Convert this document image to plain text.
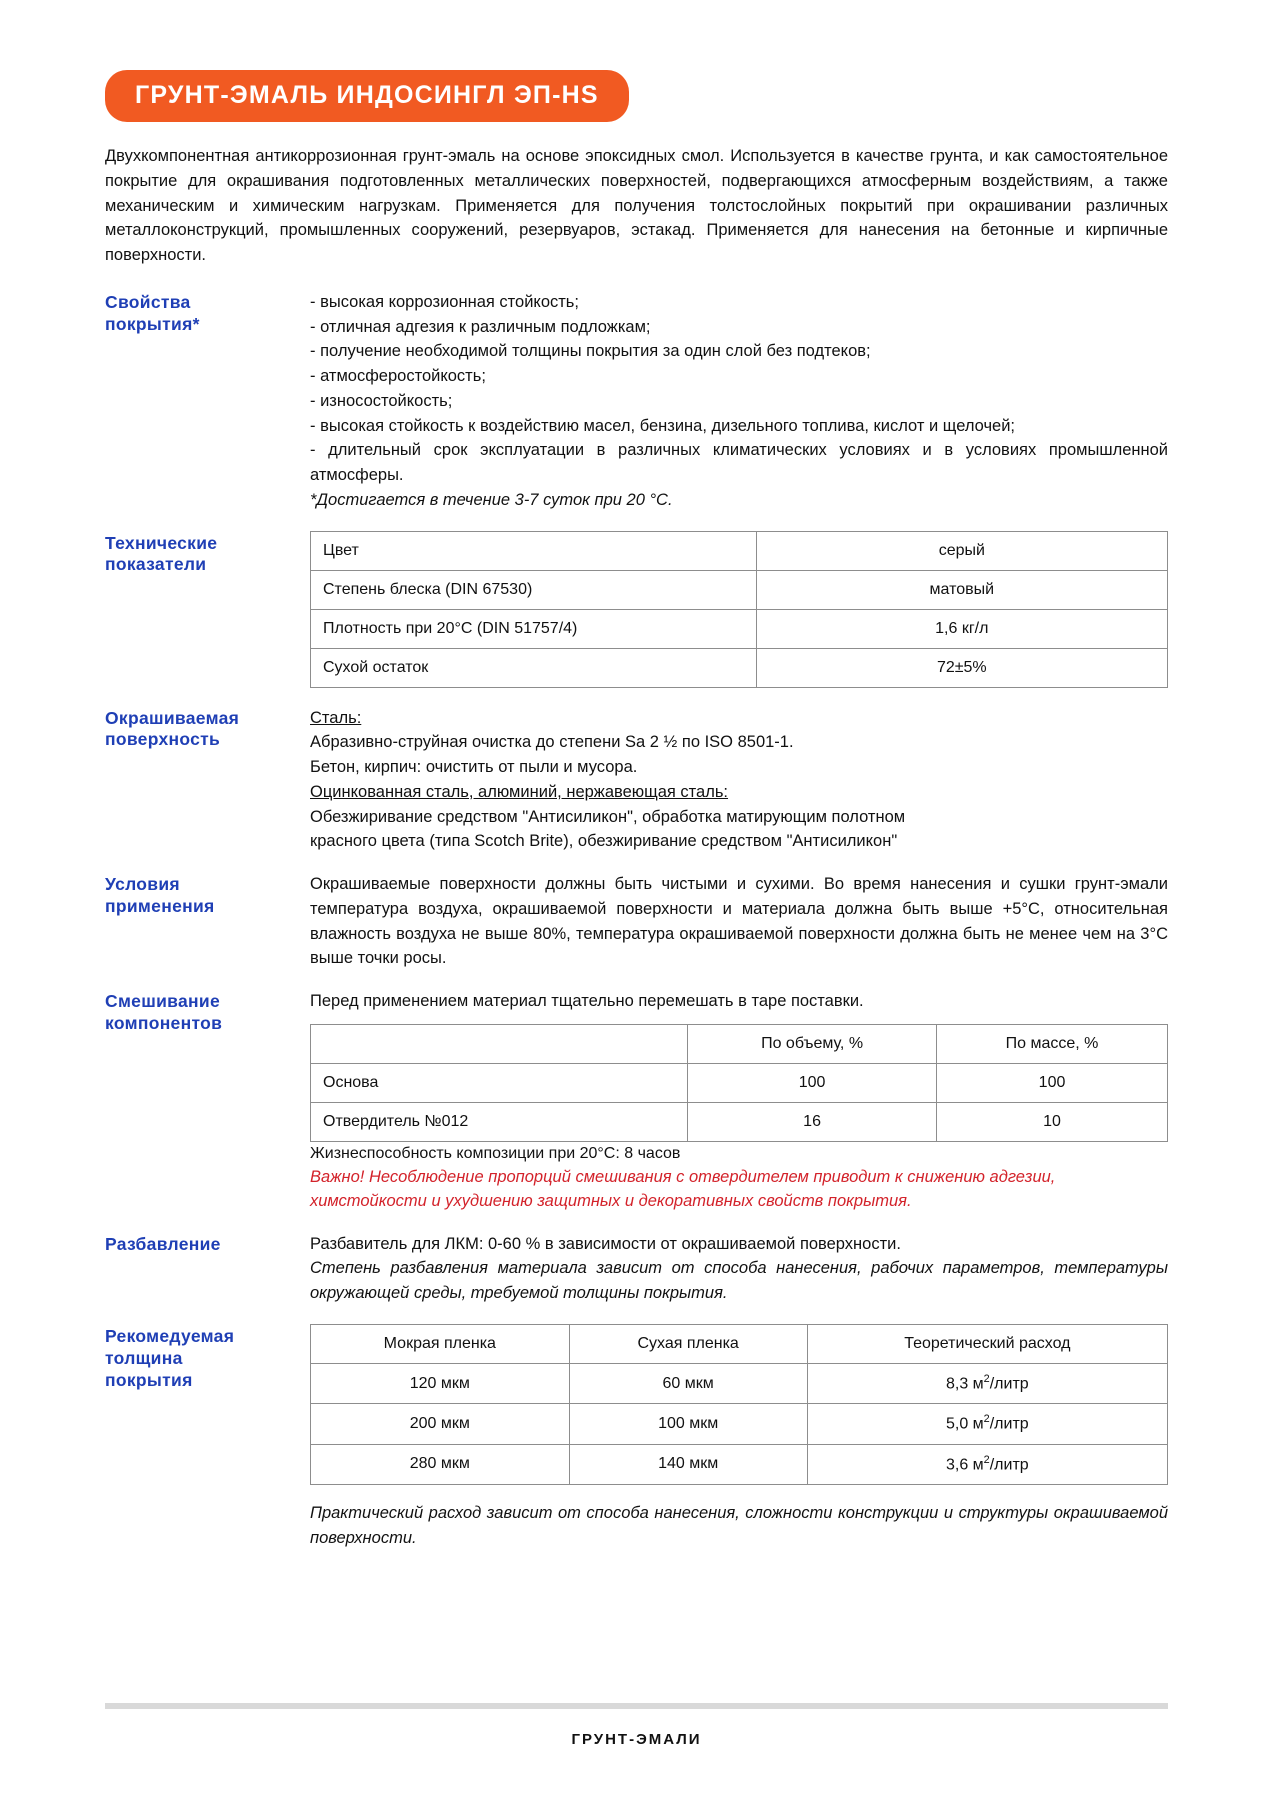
ГРУНТ-ЭМАЛЬ ИНДОСИНГЛ ЭП-HS

Двухкомпонентная антикоррозионная грунт-эмаль на основе эпоксидных смол. Используется в качестве грунта, и как самостоятельное покрытие для окрашивания подготовленных металлических поверхностей, подвергающихся атмосферным воздействиям, а также механическим и химическим нагрузкам. Применяется для получения толстослойных покрытий при окрашивании различных металлоконструкций, промышленных сооружений, резервуаров, эстакад. Применяется для нанесения на бетонные и кирпичные поверхности.

Свойства
покрытия*

- высокая коррозионная стойкость;

- отличная адгезия к различным подложкам;

- получение необходимой толщины покрытия за один слой без подтеков;

- атмосферостойкость;

- износостойкость;

- высокая стойкость к воздействию масел, бензина, дизельного топлива, кислот и щелочей;

- длительный срок эксплуатации в различных климатических условиях и в условиях промышленной атмосферы.

*Достигается в течение 3-7 суток при 20 °С.

Технические
показатели
Цвет	серый
Степень блеска (DIN 67530)	матовый
Плотность при 20°C (DIN 51757/4)	1,6 кг/л
Сухой остаток	72±5%
Окрашиваемая
поверхность

Сталь:

Абразивно-струйная очистка до степени Sa 2 ½ по ISO 8501-1.

Бетон, кирпич: очистить от пыли и мусора.

Оцинкованная сталь, алюминий, нержавеющая сталь:

Обезжиривание средством "Антисиликон", обработка матирующим полотном

красного цвета (типа Scotch Brite), обезжиривание средством "Антисиликон"

Условия
применения

Окрашиваемые поверхности должны быть чистыми и сухими. Во время нанесения и сушки грунт-эмали температура воздуха, окрашиваемой поверхности и материала должна быть выше +5°С, относительная влажность воздуха не выше 80%, температура окрашиваемой поверхности должна быть не менее чем на 3°С выше точки росы.

Смешивание
компонентов

Перед применением материал тщательно перемешать в таре поставки.

	По объему, %	По массе, %
Основа	100	100
Отвердитель №012	16	10

Жизнеспособность композиции при 20°С: 8 часов

Важно! Несоблюдение пропорций смешивания с отвердителем приводит к снижению адгезии, химстойкости и ухудшению защитных и декоративных свойств покрытия.

Разбавление	Разбавитель для ЛКМ: 0-60 % в зависимости от окрашиваемой поверхности.

Степень разбавления материала зависит от способа нанесения, рабочих параметров, температуры окружающей среды, требуемой толщины покрытия.

Рекомедуемая
толщина
покрытия
Мокрая пленка	Сухая пленка	Теоретический расход
120 мкм	60 мкм	8,3 $м^2$/литр
200 мкм	100 мкм	5,0 $м^2$/литр
280 мкм	140 мкм	3,6 $м^2$/литр

Практический расход зависит от способа нанесения, сложности конструкции и структуры окрашиваемой поверхности.

ГРУНТ-ЭМАЛИ
